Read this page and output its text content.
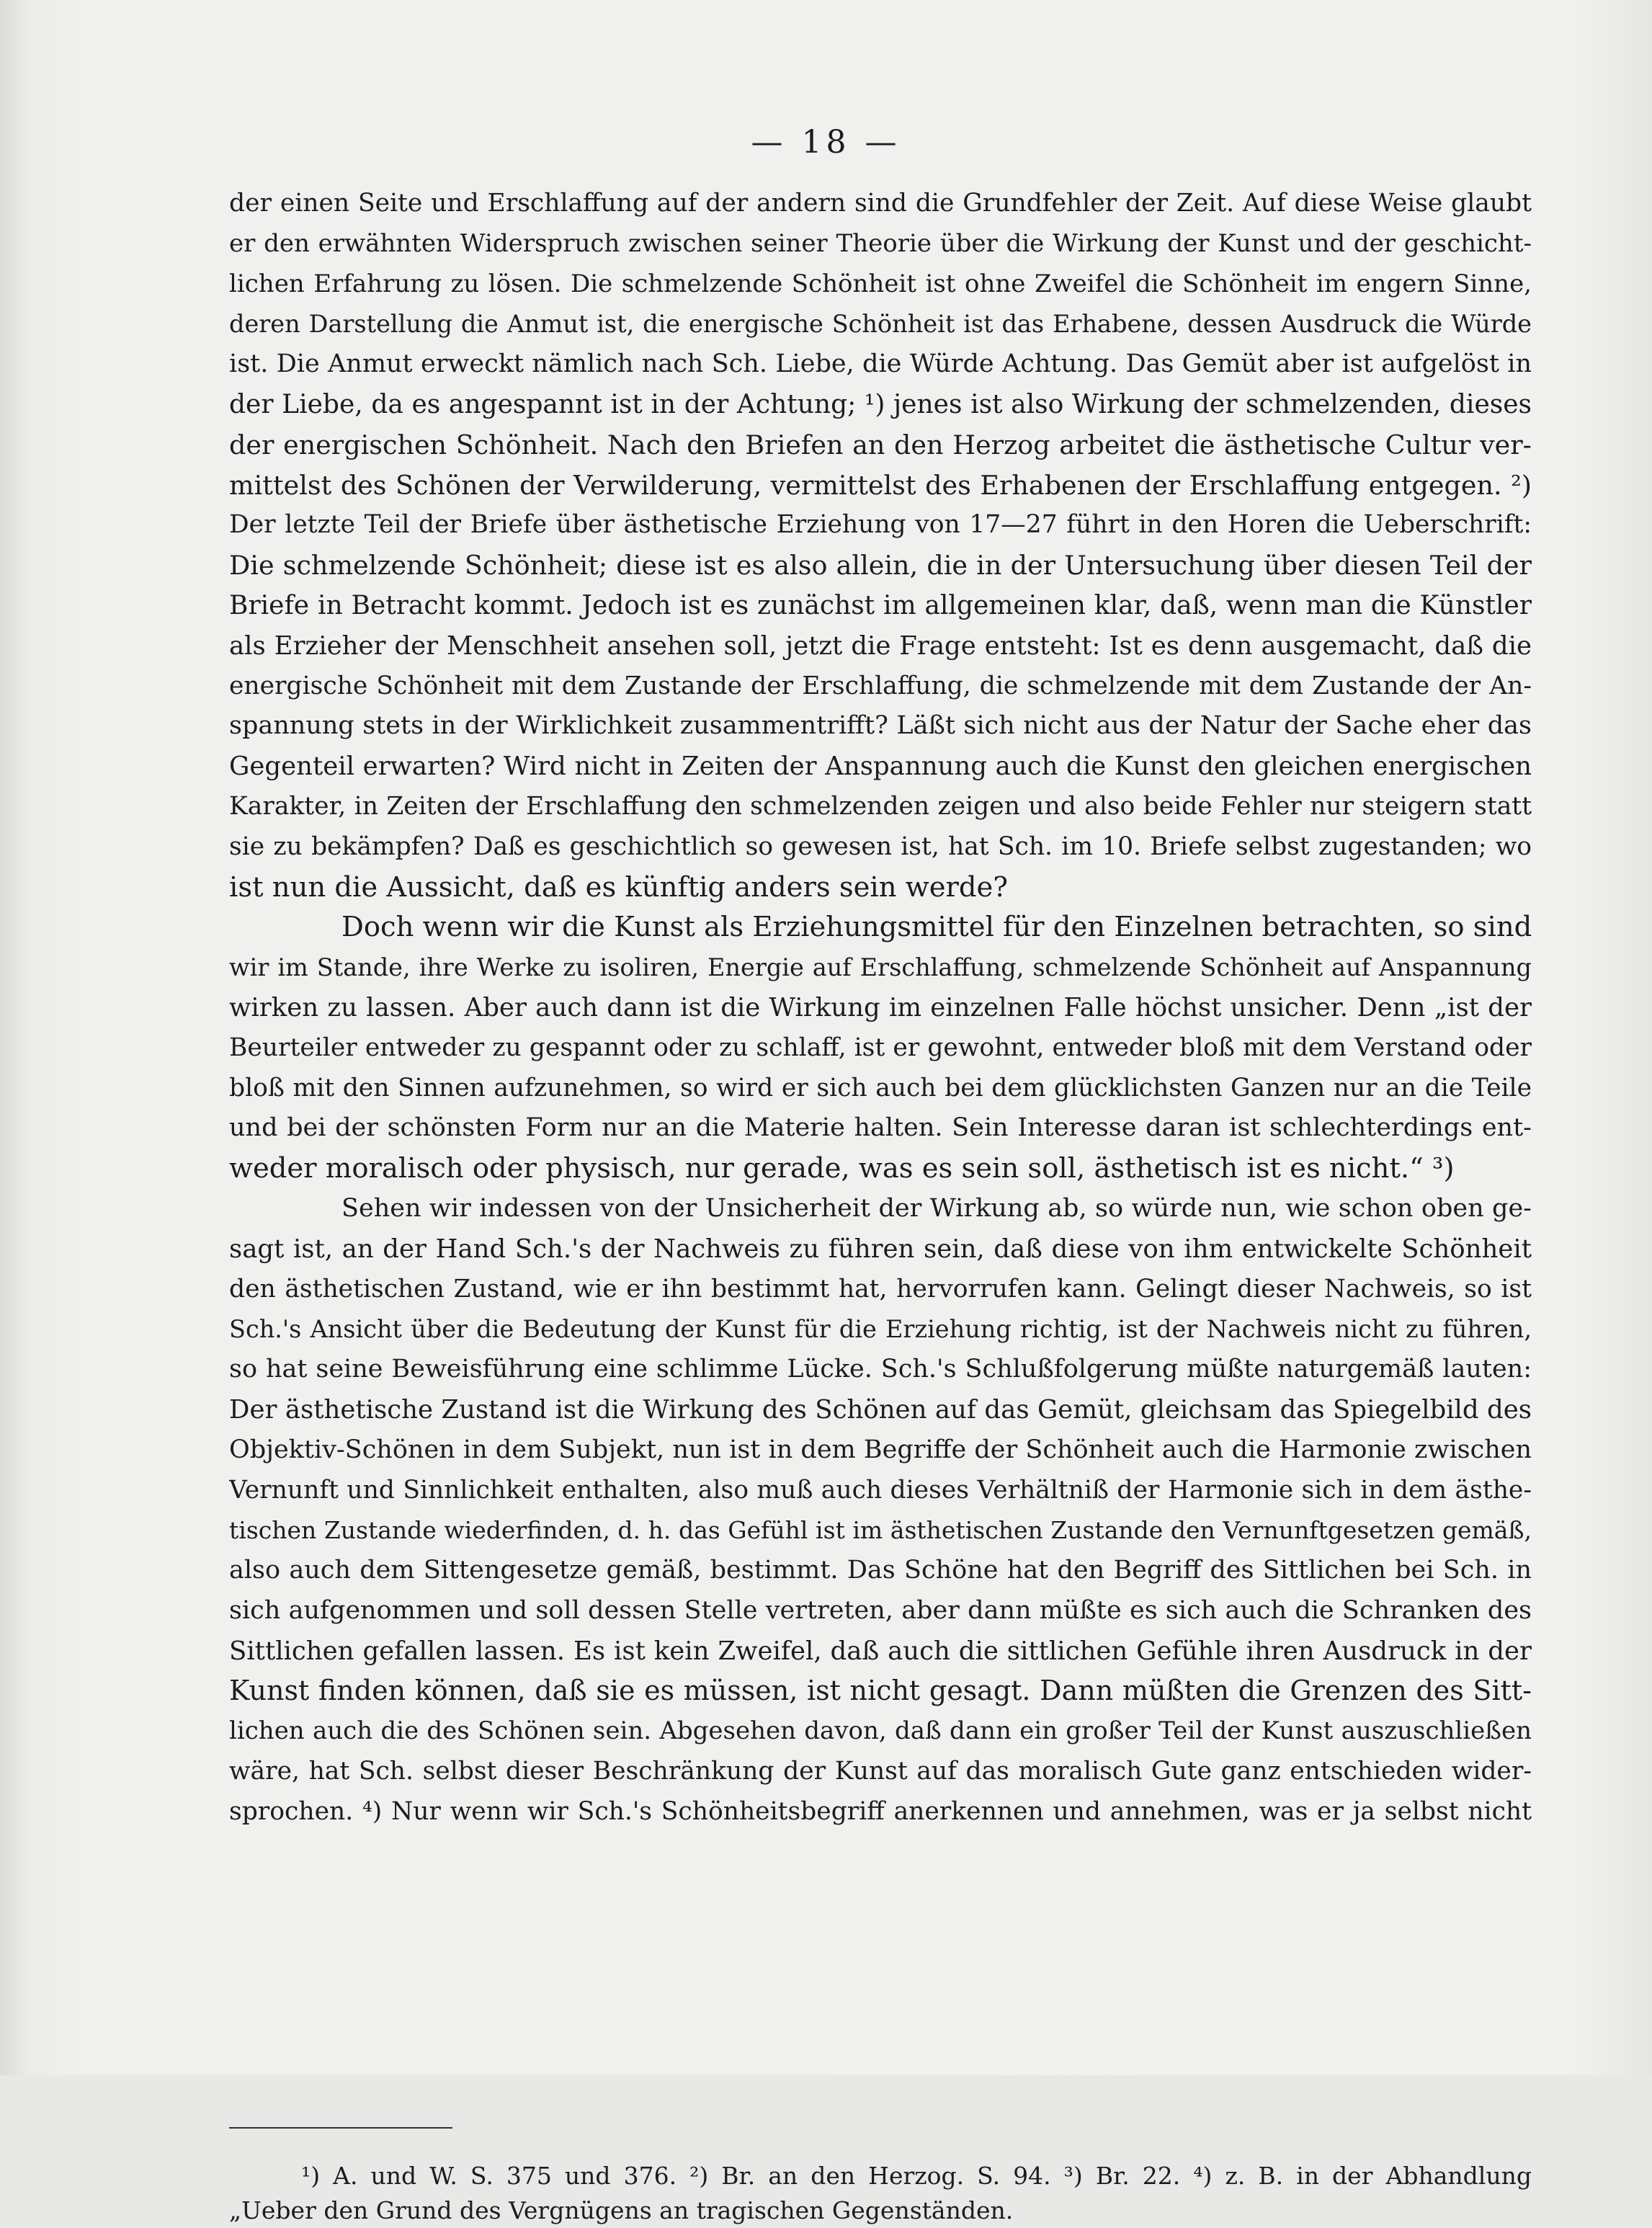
— 18 —
der einen Seite und Erschlaffung auf der andern sind die Grundfehler der Zeit. Auf diese Weise glaubt
er den erwähnten Widerspruch zwischen seiner Theorie über die Wirkung der Kunst und der geschicht-
lichen Erfahrung zu lösen. Die schmelzende Schönheit ist ohne Zweifel die Schönheit im engern Sinne,
deren Darstellung die Anmut ist, die energische Schönheit ist das Erhabene, dessen Ausdruck die Würde
ist. Die Anmut erweckt nämlich nach Sch. Liebe, die Würde Achtung. Das Gemüt aber ist aufgelöst in
der Liebe, da es angespannt ist in der Achtung; ¹) jenes ist also Wirkung der schmelzenden, dieses
der energischen Schönheit. Nach den Briefen an den Herzog arbeitet die ästhetische Cultur ver-
mittelst des Schönen der Verwilderung, vermittelst des Erhabenen der Erschlaffung entgegen. ²)
Der letzte Teil der Briefe über ästhetische Erziehung von 17—27 führt in den Horen die Ueberschrift:
Die schmelzende Schönheit; diese ist es also allein, die in der Untersuchung über diesen Teil der
Briefe in Betracht kommt. Jedoch ist es zunächst im allgemeinen klar, daß, wenn man die Künstler
als Erzieher der Menschheit ansehen soll, jetzt die Frage entsteht: Ist es denn ausgemacht, daß die
energische Schönheit mit dem Zustande der Erschlaffung, die schmelzende mit dem Zustande der An-
spannung stets in der Wirklichkeit zusammentrifft? Läßt sich nicht aus der Natur der Sache eher das
Gegenteil erwarten? Wird nicht in Zeiten der Anspannung auch die Kunst den gleichen energischen
Karakter, in Zeiten der Erschlaffung den schmelzenden zeigen und also beide Fehler nur steigern statt
sie zu bekämpfen? Daß es geschichtlich so gewesen ist, hat Sch. im 10. Briefe selbst zugestanden; wo
ist nun die Aussicht, daß es künftig anders sein werde?
Doch wenn wir die Kunst als Erziehungsmittel für den Einzelnen betrachten, so sind
wir im Stande, ihre Werke zu isoliren, Energie auf Erschlaffung, schmelzende Schönheit auf Anspannung
wirken zu lassen. Aber auch dann ist die Wirkung im einzelnen Falle höchst unsicher. Denn „ist der
Beurteiler entweder zu gespannt oder zu schlaff, ist er gewohnt, entweder bloß mit dem Verstand oder
bloß mit den Sinnen aufzunehmen, so wird er sich auch bei dem glücklichsten Ganzen nur an die Teile
und bei der schönsten Form nur an die Materie halten. Sein Interesse daran ist schlechterdings ent-
weder moralisch oder physisch, nur gerade, was es sein soll, ästhetisch ist es nicht.“ ³)
Sehen wir indessen von der Unsicherheit der Wirkung ab, so würde nun, wie schon oben ge-
sagt ist, an der Hand Sch.'s der Nachweis zu führen sein, daß diese von ihm entwickelte Schönheit
den ästhetischen Zustand, wie er ihn bestimmt hat, hervorrufen kann. Gelingt dieser Nachweis, so ist
Sch.'s Ansicht über die Bedeutung der Kunst für die Erziehung richtig, ist der Nachweis nicht zu führen,
so hat seine Beweisführung eine schlimme Lücke. Sch.'s Schlußfolgerung müßte naturgemäß lauten:
Der ästhetische Zustand ist die Wirkung des Schönen auf das Gemüt, gleichsam das Spiegelbild des
Objektiv-Schönen in dem Subjekt, nun ist in dem Begriffe der Schönheit auch die Harmonie zwischen
Vernunft und Sinnlichkeit enthalten, also muß auch dieses Verhältniß der Harmonie sich in dem ästhe-
tischen Zustande wiederfinden, d. h. das Gefühl ist im ästhetischen Zustande den Vernunftgesetzen gemäß,
also auch dem Sittengesetze gemäß, bestimmt. Das Schöne hat den Begriff des Sittlichen bei Sch. in
sich aufgenommen und soll dessen Stelle vertreten, aber dann müßte es sich auch die Schranken des
Sittlichen gefallen lassen. Es ist kein Zweifel, daß auch die sittlichen Gefühle ihren Ausdruck in der
Kunst finden können, daß sie es müssen, ist nicht gesagt. Dann müßten die Grenzen des Sitt-
lichen auch die des Schönen sein. Abgesehen davon, daß dann ein großer Teil der Kunst auszuschließen
wäre, hat Sch. selbst dieser Beschränkung der Kunst auf das moralisch Gute ganz entschieden wider-
sprochen. ⁴) Nur wenn wir Sch.'s Schönheitsbegriff anerkennen und annehmen, was er ja selbst nicht
¹) A. und W. S. 375 und 376. ²) Br. an den Herzog. S. 94. ³) Br. 22. ⁴) z. B. in der Abhandlung
„Ueber den Grund des Vergnügens an tragischen Gegenständen.
